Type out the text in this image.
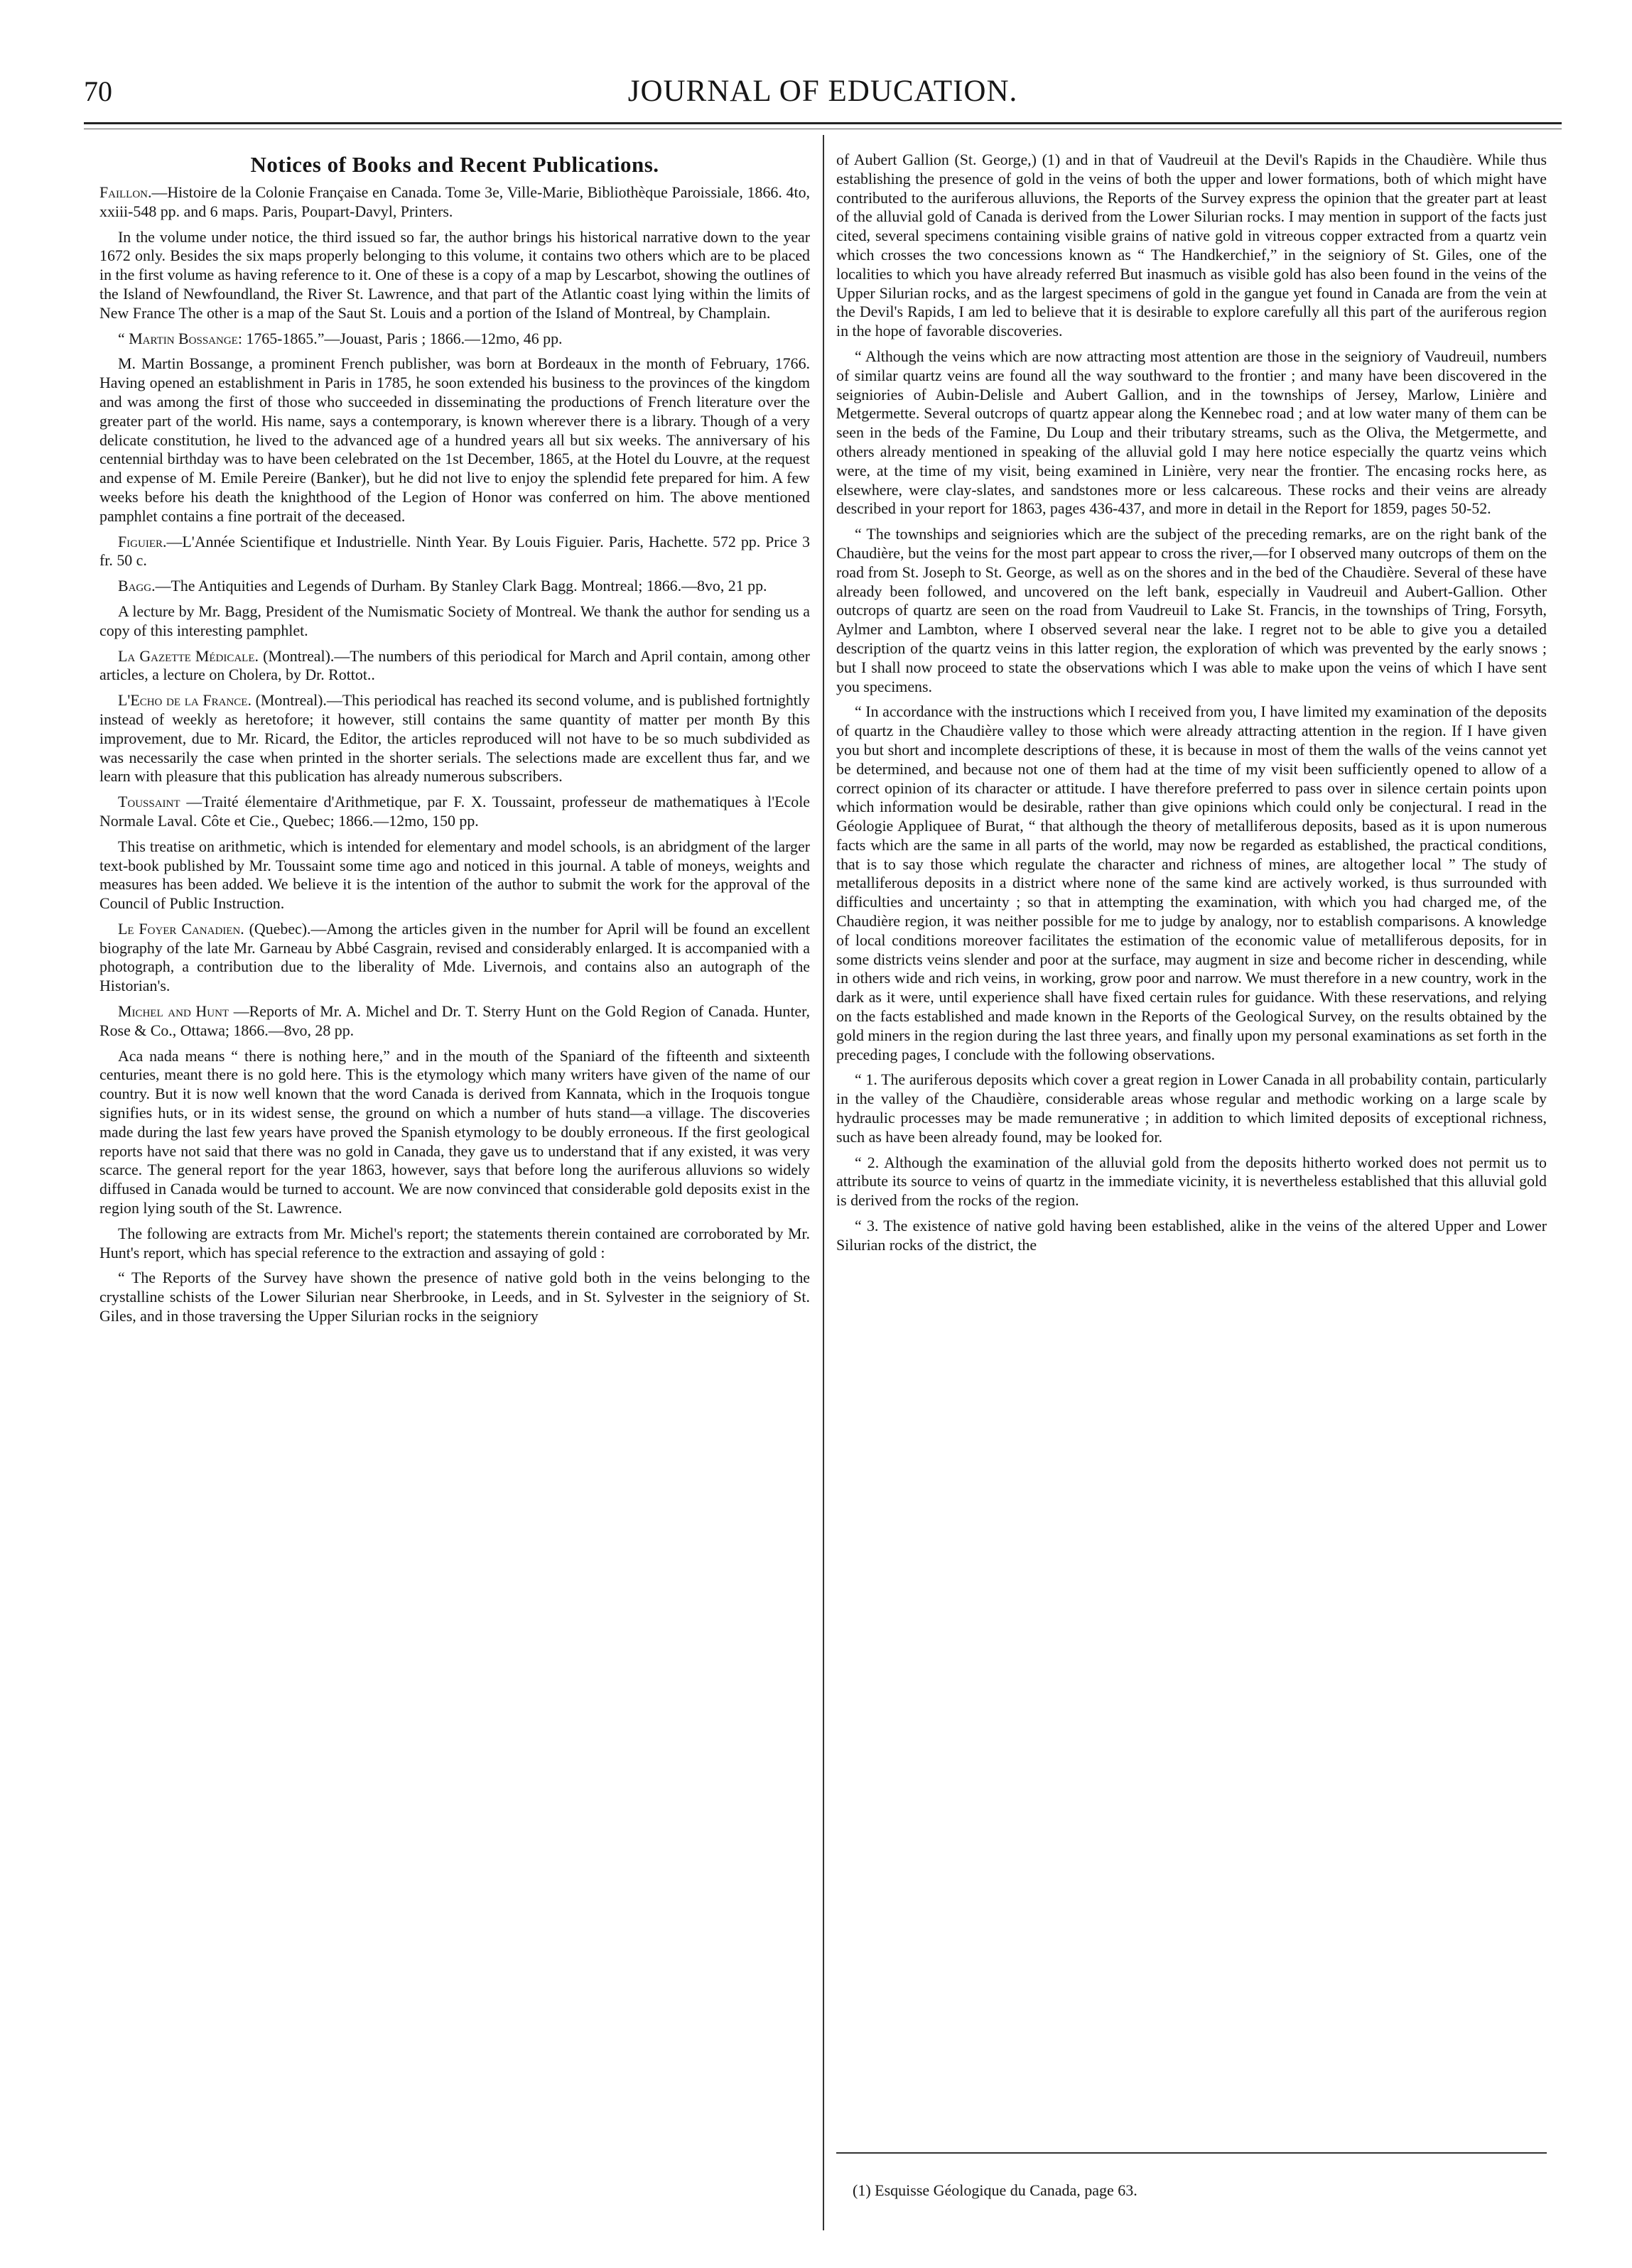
70	JOURNAL OF EDUCATION.
Notices of Books and Recent Publications.

Faillon.—Histoire de la Colonie Française en Canada. Tome 3e, Ville-Marie, Bibliothèque Paroissiale, 1866. 4to, xxiii-548 pp. and 6 maps. Paris, Poupart-Davyl, Printers.

In the volume under notice, the third issued so far, the author brings his historical narrative down to the year 1672 only. Besides the six maps properly belonging to this volume, it contains two others which are to be placed in the first volume as having reference to it. One of these is a copy of a map by Lescarbot, showing the outlines of the Island of Newfoundland, the River St. Lawrence, and that part of the Atlantic coast lying within the limits of New France The other is a map of the Saut St. Louis and a portion of the Island of Montreal, by Champlain.

“ Martin Bossange: 1765-1865.”—Jouast, Paris ; 1866.—12mo, 46 pp.

M. Martin Bossange, a prominent French publisher, was born at Bordeaux in the month of February, 1766. Having opened an establishment in Paris in 1785, he soon extended his business to the provinces of the kingdom and was among the first of those who succeeded in disseminating the productions of French literature over the greater part of the world. His name, says a contemporary, is known wherever there is a library. Though of a very delicate constitution, he lived to the advanced age of a hundred years all but six weeks. The anniversary of his centennial birthday was to have been celebrated on the 1st December, 1865, at the Hotel du Louvre, at the request and expense of M. Emile Pereire (Banker), but he did not live to enjoy the splendid fete prepared for him. A few weeks before his death the knighthood of the Legion of Honor was conferred on him. The above mentioned pamphlet contains a fine portrait of the deceased.

Figuier.—L'Année Scientifique et Industrielle. Ninth Year. By Louis Figuier. Paris, Hachette. 572 pp. Price 3 fr. 50 c.

Bagg.—The Antiquities and Legends of Durham. By Stanley Clark Bagg. Montreal; 1866.—8vo, 21 pp.

A lecture by Mr. Bagg, President of the Numismatic Society of Montreal. We thank the author for sending us a copy of this interesting pamphlet.

La Gazette Médicale. (Montreal).—The numbers of this periodical for March and April contain, among other articles, a lecture on Cholera, by Dr. Rottot..

L'Echo de la France. (Montreal).—This periodical has reached its second volume, and is published fortnightly instead of weekly as heretofore; it however, still contains the same quantity of matter per month By this improvement, due to Mr. Ricard, the Editor, the articles reproduced will not have to be so much subdivided as was necessarily the case when printed in the shorter serials. The selections made are excellent thus far, and we learn with pleasure that this publication has already numerous subscribers.

Toussaint —Traité élementaire d'Arithmetique, par F. X. Toussaint, professeur de mathematiques à l'Ecole Normale Laval. Côte et Cie., Quebec; 1866.—12mo, 150 pp.

This treatise on arithmetic, which is intended for elementary and model schools, is an abridgment of the larger text-book published by Mr. Toussaint some time ago and noticed in this journal. A table of moneys, weights and measures has been added. We believe it is the intention of the author to submit the work for the approval of the Council of Public Instruction.

Le Foyer Canadien. (Quebec).—Among the articles given in the number for April will be found an excellent biography of the late Mr. Garneau by Abbé Casgrain, revised and considerably enlarged. It is accompanied with a photograph, a contribution due to the liberality of Mde. Livernois, and contains also an autograph of the Historian's.

Michel and Hunt —Reports of Mr. A. Michel and Dr. T. Sterry Hunt on the Gold Region of Canada. Hunter, Rose & Co., Ottawa; 1866.—8vo, 28 pp.

Aca nada means “ there is nothing here,” and in the mouth of the Spaniard of the fifteenth and sixteenth centuries, meant there is no gold here. This is the etymology which many writers have given of the name of our country. But it is now well known that the word Canada is derived from Kannata, which in the Iroquois tongue signifies huts, or in its widest sense, the ground on which a number of huts stand—a village. The discoveries made during the last few years have proved the Spanish etymology to be doubly erroneous. If the first geological reports have not said that there was no gold in Canada, they gave us to understand that if any existed, it was very scarce. The general report for the year 1863, however, says that before long the auriferous alluvions so widely diffused in Canada would be turned to account. We are now convinced that considerable gold deposits exist in the region lying south of the St. Lawrence.

The following are extracts from Mr. Michel's report; the statements therein contained are corroborated by Mr. Hunt's report, which has special reference to the extraction and assaying of gold :

“ The Reports of the Survey have shown the presence of native gold both in the veins belonging to the crystalline schists of the Lower Silurian near Sherbrooke, in Leeds, and in St. Sylvester in the seigniory of St. Giles, and in those traversing the Upper Silurian rocks in the seigniory

of Aubert Gallion (St. George,) (1) and in that of Vaudreuil at the Devil's Rapids in the Chaudière. While thus establishing the presence of gold in the veins of both the upper and lower formations, both of which might have contributed to the auriferous alluvions, the Reports of the Survey express the opinion that the greater part at least of the alluvial gold of Canada is derived from the Lower Silurian rocks. I may mention in support of the facts just cited, several specimens containing visible grains of native gold in vitreous copper extracted from a quartz vein which crosses the two concessions known as “ The Handkerchief,” in the seigniory of St. Giles, one of the localities to which you have already referred But inasmuch as visible gold has also been found in the veins of the Upper Silurian rocks, and as the largest specimens of gold in the gangue yet found in Canada are from the vein at the Devil's Rapids, I am led to believe that it is desirable to explore carefully all this part of the auriferous region in the hope of favorable discoveries.

“ Although the veins which are now attracting most attention are those in the seigniory of Vaudreuil, numbers of similar quartz veins are found all the way southward to the frontier ; and many have been discovered in the seigniories of Aubin-Delisle and Aubert Gallion, and in the townships of Jersey, Marlow, Linière and Metgermette. Several outcrops of quartz appear along the Kennebec road ; and at low water many of them can be seen in the beds of the Famine, Du Loup and their tributary streams, such as the Oliva, the Metgermette, and others already mentioned in speaking of the alluvial gold I may here notice especially the quartz veins which were, at the time of my visit, being examined in Linière, very near the frontier. The encasing rocks here, as elsewhere, were clay-slates, and sandstones more or less calcareous. These rocks and their veins are already described in your report for 1863, pages 436-437, and more in detail in the Report for 1859, pages 50-52.

“ The townships and seigniories which are the subject of the preceding remarks, are on the right bank of the Chaudière, but the veins for the most part appear to cross the river,—for I observed many outcrops of them on the road from St. Joseph to St. George, as well as on the shores and in the bed of the Chaudière. Several of these have already been followed, and uncovered on the left bank, especially in Vaudreuil and Aubert-Gallion. Other outcrops of quartz are seen on the road from Vaudreuil to Lake St. Francis, in the townships of Tring, Forsyth, Aylmer and Lambton, where I observed several near the lake. I regret not to be able to give you a detailed description of the quartz veins in this latter region, the exploration of which was prevented by the early snows ; but I shall now proceed to state the observations which I was able to make upon the veins of which I have sent you specimens.

“ In accordance with the instructions which I received from you, I have limited my examination of the deposits of quartz in the Chaudière valley to those which were already attracting attention in the region. If I have given you but short and incomplete descriptions of these, it is because in most of them the walls of the veins cannot yet be determined, and because not one of them had at the time of my visit been sufficiently opened to allow of a correct opinion of its character or attitude. I have therefore preferred to pass over in silence certain points upon which information would be desirable, rather than give opinions which could only be conjectural. I read in the Géologie Appliquee of Burat, “ that although the theory of metalliferous deposits, based as it is upon numerous facts which are the same in all parts of the world, may now be regarded as established, the practical conditions, that is to say those which regulate the character and richness of mines, are altogether local ” The study of metalliferous deposits in a district where none of the same kind are actively worked, is thus surrounded with difficulties and uncertainty ; so that in attempting the examination, with which you had charged me, of the Chaudière region, it was neither possible for me to judge by analogy, nor to establish comparisons. A knowledge of local conditions moreover facilitates the estimation of the economic value of metalliferous deposits, for in some districts veins slender and poor at the surface, may augment in size and become richer in descending, while in others wide and rich veins, in working, grow poor and narrow. We must therefore in a new country, work in the dark as it were, until experience shall have fixed certain rules for guidance. With these reservations, and relying on the facts established and made known in the Reports of the Geological Survey, on the results obtained by the gold miners in the region during the last three years, and finally upon my personal examinations as set forth in the preceding pages, I conclude with the following observations.

“ 1. The auriferous deposits which cover a great region in Lower Canada in all probability contain, particularly in the valley of the Chaudière, considerable areas whose regular and methodic working on a large scale by hydraulic processes may be made remunerative ; in addition to which limited deposits of exceptional richness, such as have been already found, may be looked for.

“ 2. Although the examination of the alluvial gold from the deposits hitherto worked does not permit us to attribute its source to veins of quartz in the immediate vicinity, it is nevertheless established that this alluvial gold is derived from the rocks of the region.

“ 3. The existence of native gold having been established, alike in the veins of the altered Upper and Lower Silurian rocks of the district, the

(1) Esquisse Géologique du Canada, page 63.
